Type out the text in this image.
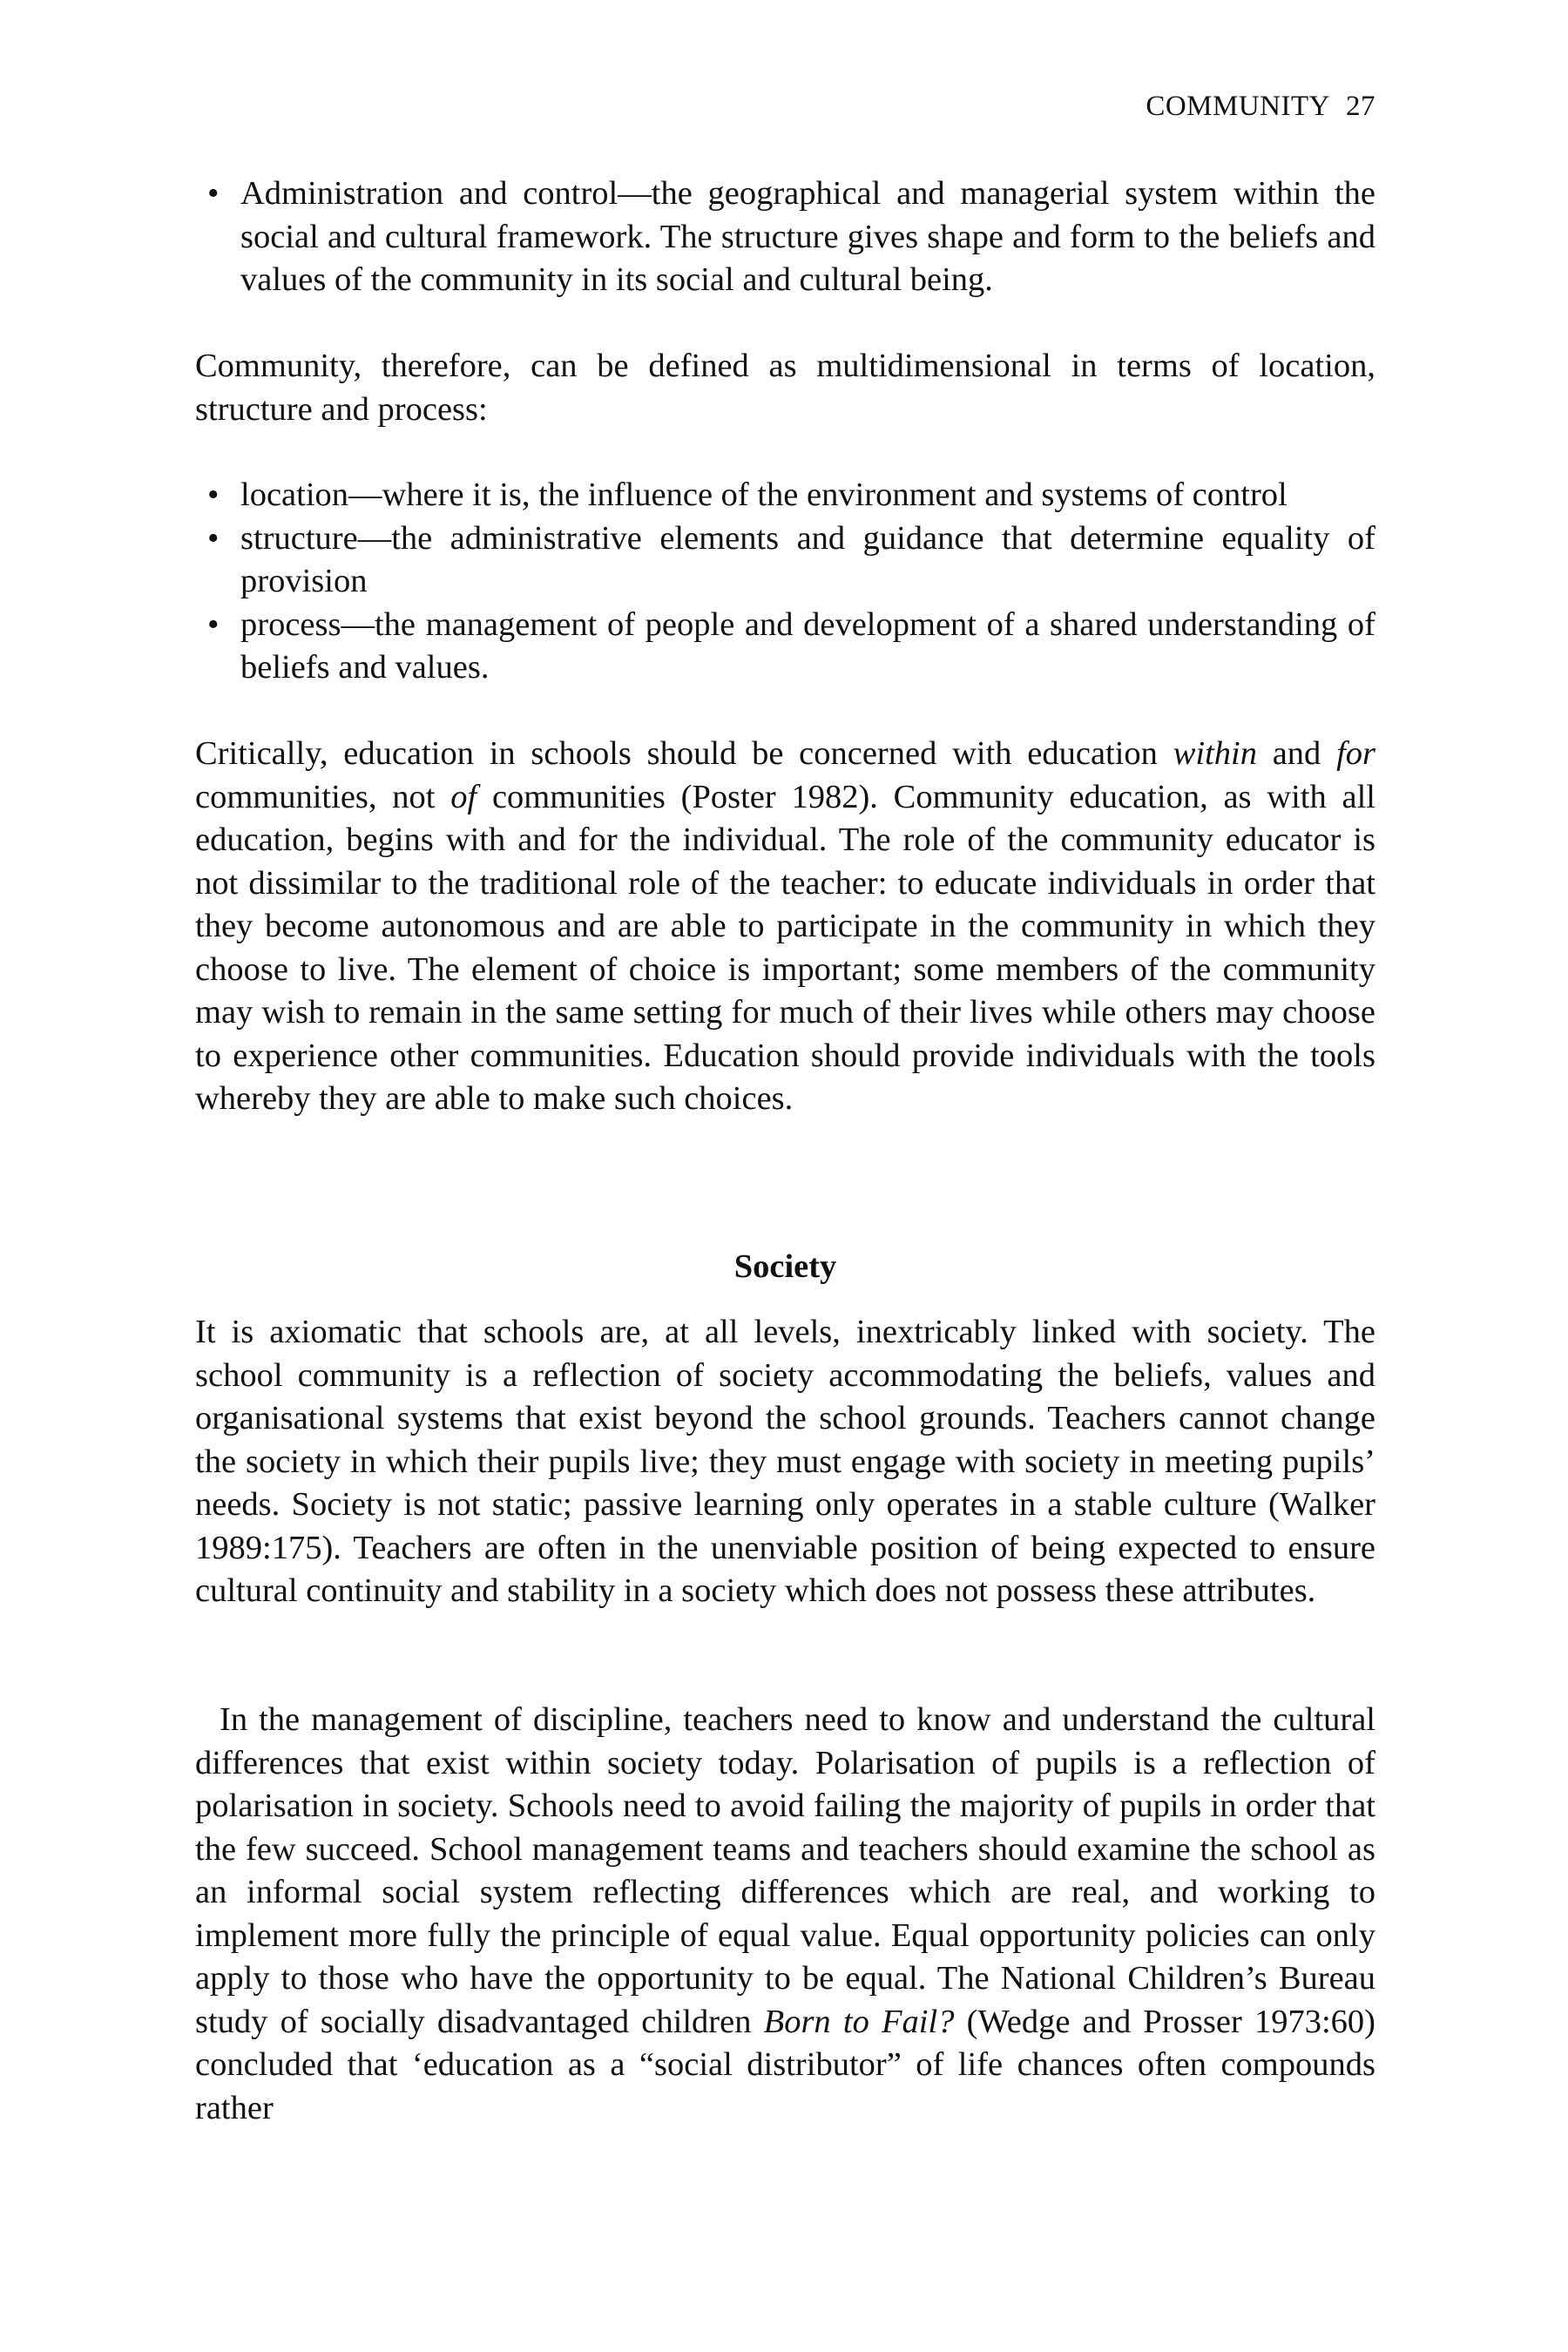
COMMUNITY 27
• Administration and control—the geographical and managerial system within the social and cultural framework. The structure gives shape and form to the beliefs and values of the community in its social and cultural being.

Community, therefore, can be defined as multidimensional in terms of location, structure and process:

• location—where it is, the influence of the environment and systems of control
• structure—the administrative elements and guidance that determine equality of provision
• process—the management of people and development of a shared understanding of beliefs and values.

Critically, education in schools should be concerned with education within and for communities, not of communities (Poster 1982). Community education, as with all education, begins with and for the individual. The role of the community educator is not dissimilar to the traditional role of the teacher: to educate individuals in order that they become autonomous and are able to participate in the community in which they choose to live. The element of choice is important; some members of the community may wish to remain in the same setting for much of their lives while others may choose to experience other communities. Education should provide individuals with the tools whereby they are able to make such choices.

Society

It is axiomatic that schools are, at all levels, inextricably linked with society. The school community is a reflection of society accommodating the beliefs, values and organisational systems that exist beyond the school grounds. Teachers cannot change the society in which their pupils live; they must engage with society in meeting pupils’ needs. Society is not static; passive learning only operates in a stable culture (Walker 1989:175). Teachers are often in the unenviable position of being expected to ensure cultural continuity and stability in a society which does not possess these attributes.

In the management of discipline, teachers need to know and understand the cultural differences that exist within society today. Polarisation of pupils is a reflection of polarisation in society. Schools need to avoid failing the majority of pupils in order that the few succeed. School management teams and teachers should examine the school as an informal social system reflecting differences which are real, and working to implement more fully the principle of equal value. Equal opportunity policies can only apply to those who have the opportunity to be equal. The National Children’s Bureau study of socially disadvantaged children Born to Fail? (Wedge and Prosser 1973:60) concluded that ‘education as a “social distributor” of life chances often compounds rather
